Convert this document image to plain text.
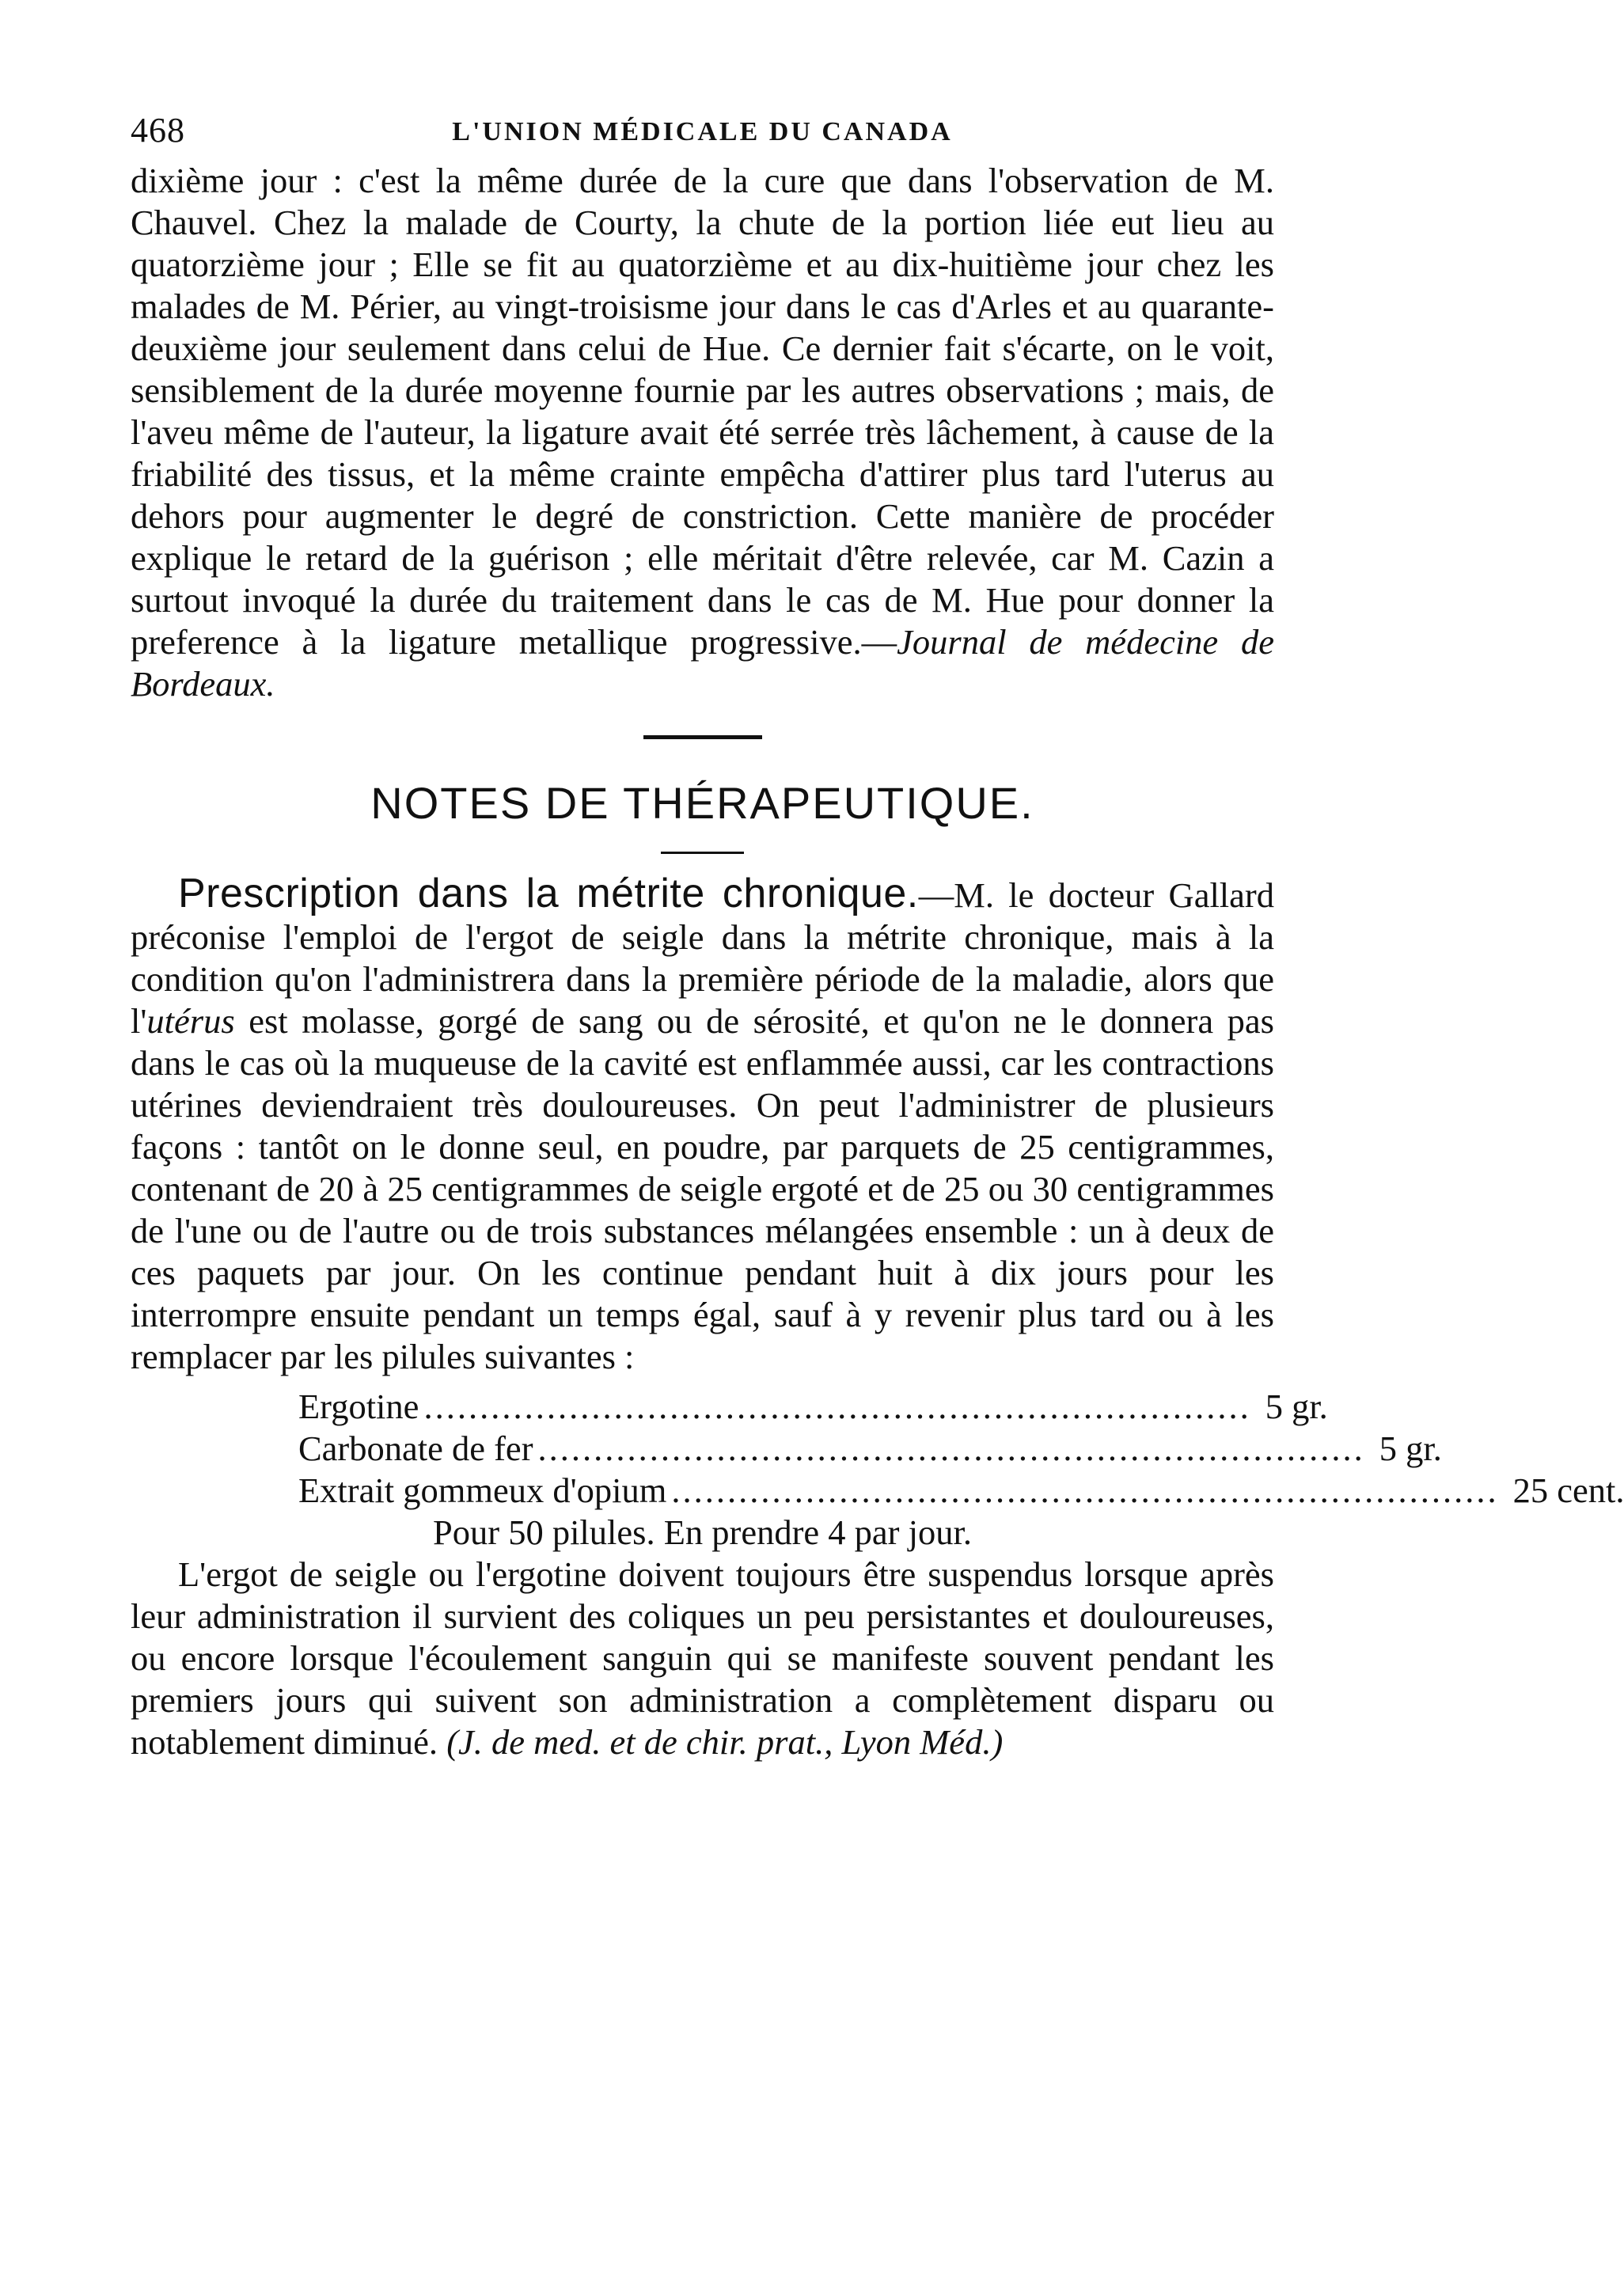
468	L'UNION MÉDICALE DU CANADA

dixième jour : c'est la même durée de la cure que dans l'observation de M. Chauvel. Chez la malade de Courty, la chute de la portion liée eut lieu au quatorzième jour ; Elle se fit au quatorzième et au dix-huitième jour chez les malades de M. Périer, au vingt-troisisme jour dans le cas d'Arles et au quarante-deuxième jour seulement dans celui de Hue. Ce dernier fait s'écarte, on le voit, sensiblement de la durée moyenne fournie par les autres observations ; mais, de l'aveu même de l'auteur, la ligature avait été serrée très lâchement, à cause de la friabilité des tissus, et la même crainte empêcha d'attirer plus tard l'uterus au dehors pour augmenter le degré de constriction. Cette manière de procéder explique le retard de la guérison ; elle méritait d'être relevée, car M. Cazin a surtout invoqué la durée du traitement dans le cas de M. Hue pour donner la preference à la ligature metallique progressive.—Journal de médecine de Bordeaux.

NOTES DE THÉRAPEUTIQUE.

Prescription dans la métrite chronique.—M. le docteur Gallard préconise l'emploi de l'ergot de seigle dans la métrite chronique, mais à la condition qu'on l'administrera dans la première période de la maladie, alors que l'utérus est molasse, gorgé de sang ou de sérosité, et qu'on ne le donnera pas dans le cas où la muqueuse de la cavité est enflammée aussi, car les contractions utérines deviendraient très douloureuses. On peut l'administrer de plusieurs façons : tantôt on le donne seul, en poudre, par parquets de 25 centigrammes, contenant de 20 à 25 centigrammes de seigle ergoté et de 25 ou 30 centigrammes de l'une ou de l'autre ou de trois substances mélangées ensemble : un à deux de ces paquets par jour. On les continue pendant huit à dix jours pour les interrompre ensuite pendant un temps égal, sauf à y revenir plus tard ou à les remplacer par les pilules suivantes :

Ergotine .......................................................................... 5 gr.
Carbonate de fer .......................................................................... 5 gr.
Extrait gommeux d'opium .......................................................................... 25 cent.

Pour 50 pilules. En prendre 4 par jour.

L'ergot de seigle ou l'ergotine doivent toujours être suspendus lorsque après leur administration il survient des coliques un peu persistantes et douloureuses, ou encore lorsque l'écoulement sanguin qui se manifeste souvent pendant les premiers jours qui suivent son administration a complètement disparu ou notablement diminué. (J. de med. et de chir. prat., Lyon Méd.)
